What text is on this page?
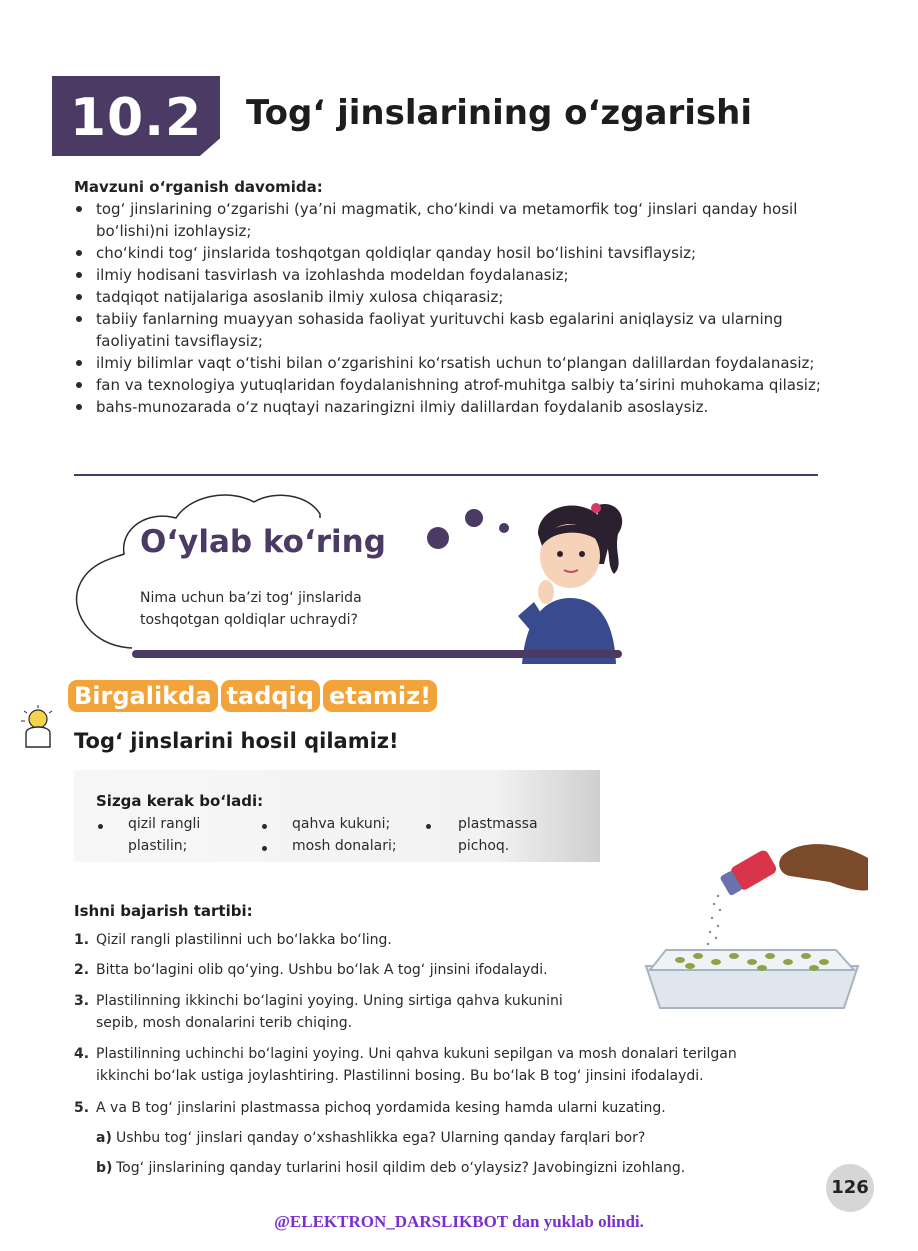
10.2	Tog‘ jinslarining o‘zgarishi
Mavzuni o‘rganish davomida:
tog‘ jinslarining o‘zgarishi (ya’ni magmatik, cho‘kindi va metamorfik tog‘ jinslari qanday hosil bo‘lishi)ni izohlaysiz;
cho‘kindi tog‘ jinslarida toshqotgan qoldiqlar qanday hosil bo‘lishini tavsiflaysiz;
ilmiy hodisani tasvirlash va izohlashda modeldan foydalanasiz;
tadqiqot natijalariga asoslanib ilmiy xulosa chiqarasiz;
tabiiy fanlarning muayyan sohasida faoliyat yurituvchi kasb egalarini aniqlaysiz va ularning faoliyatini tavsiflaysiz;
ilmiy bilimlar vaqt o‘tishi bilan o‘zgarishini ko‘rsatish uchun to‘plangan dalillardan foydalanasiz;
fan va texnologiya yutuqlaridan foydalanishning atrof-muhitga salbiy ta’sirini muhokama qilasiz;
bahs-munozarada o‘z nuqtayi nazaringizni ilmiy dalillardan foydalanib asoslaysiz.
O‘ylab ko‘ring
Nima uchun ba’zi tog‘ jinslarida
toshqotgan qoldiqlar uchraydi?
Birgalikda tadqiq etamiz!
Tog‘ jinslarini hosil qilamiz!
Sizga kerak bo‘ladi:
qizil rangli
plastilin;
qahva kukuni;
mosh donalari;
plastmassa
pichoq.
Ishni bajarish tartibi:
1. Qizil rangli plastilinni uch bo‘lakka bo‘ling.
2. Bitta bo‘lagini olib qo‘ying. Ushbu bo‘lak A tog‘ jinsini ifodalaydi.
3. Plastilinning ikkinchi bo‘lagini yoying. Uning sirtiga qahva kukunini
sepib, mosh donalarini terib chiqing.
4. Plastilinning uchinchi bo‘lagini yoying. Uni qahva kukuni sepilgan va mosh donalari terilgan
ikkinchi bo‘lak ustiga joylashtiring. Plastilinni bosing. Bu bo‘lak B tog‘ jinsini ifodalaydi.
5. A va B tog‘ jinslarini plastmassa pichoq yordamida kesing hamda ularni kuzating.
a) Ushbu tog‘ jinslari qanday o‘xshashlikka ega? Ularning qanday farqlari bor?
b) Tog‘ jinslarining qanday turlarini hosil qildim deb o‘ylaysiz? Javobingizni izohlang.
126
@ELEKTRON_DARSLIKBOT dan yuklab olindi.
